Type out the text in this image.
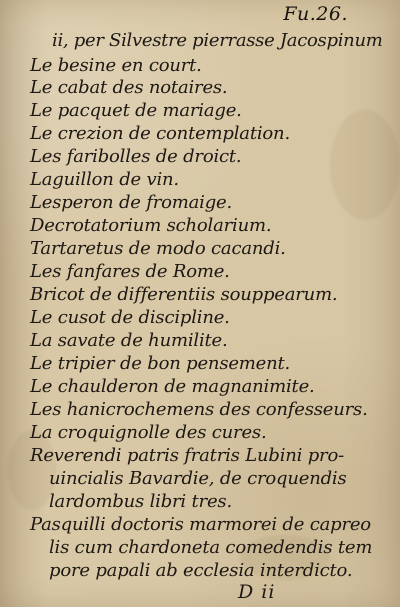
Fu.26.
ii, per Silvestre pierrasse Jacospinum
Le besine en court.
Le cabat des notaires.
Le pacquet de mariage.
Le crezion de contemplation.
Les faribolles de droict.
Laguillon de vin.
Lesperon de fromaige.
Decrotatorium scholarium.
Tartaretus de modo cacandi.
Les fanfares de Rome.
Bricot de differentiis souppearum.
Le cusot de discipline.
La savate de humilite.
Le tripier de bon pensement.
Le chaulderon de magnanimite.
Les hanicrochemens des confesseurs.
La croquignolle des cures.
Reverendi patris fratris Lubini pro-
uincialis Bavardie, de croquendis
lardombus libri tres.
Pasquilli doctoris marmorei de capreo
lis cum chardoneta comedendis tem
pore papali ab ecclesia interdicto.
D ii
